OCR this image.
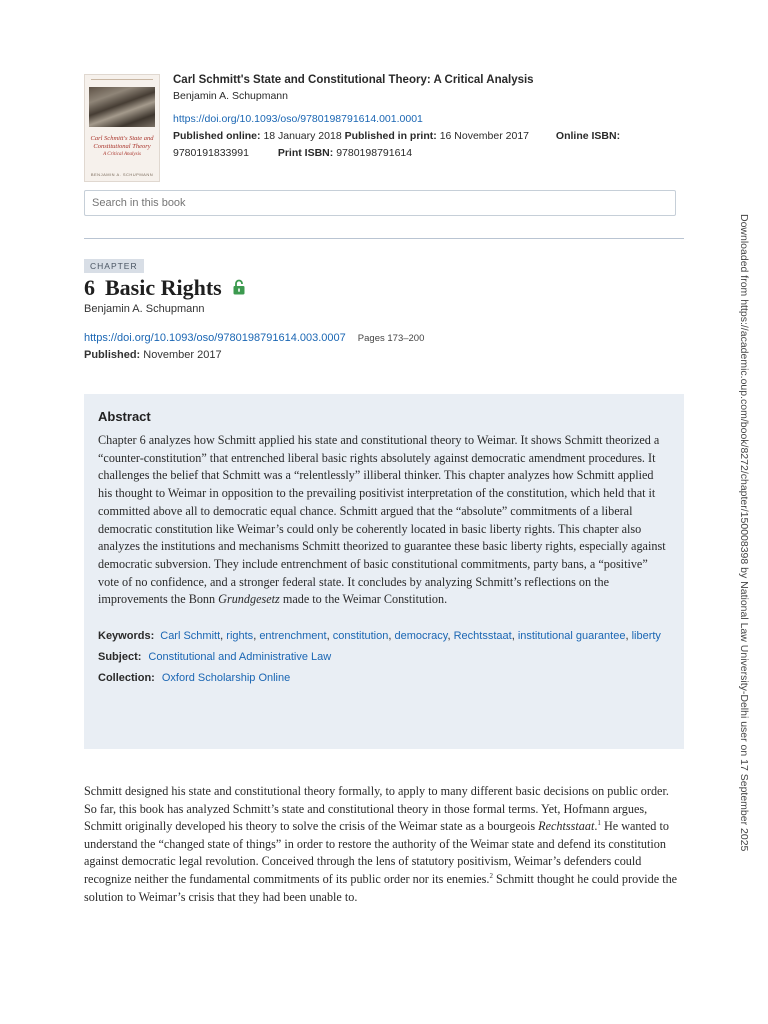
Carl Schmitt's State and Constitutional Theory
A Critical Analysis
BENJAMIN A. SCHUPMANN
Carl Schmitt's State and Constitutional Theory: A Critical Analysis
Benjamin A. Schupmann
https://doi.org/10.1093/oso/9780198791614.001.0001
Published online: 18 January 2018 Published in print: 16 November 2017	Online ISBN:
9780191833991	Print ISBN: 9780198791614
Search in this book
CHAPTER
6 Basic Rights
Benjamin A. Schupmann
https://doi.org/10.1093/oso/9780198791614.003.0007 Pages 173–200
Published: November 2017
Abstract
Chapter 6 analyzes how Schmitt applied his state and constitutional theory to Weimar. It shows Schmitt theorized a “counter-constitution” that entrenched liberal basic rights absolutely against democratic amendment procedures. It challenges the belief that Schmitt was a “relentlessly” illiberal thinker. This chapter analyzes how Schmitt applied his thought to Weimar in opposition to the prevailing positivist interpretation of the constitution, which held that it committed above all to democratic equal chance. Schmitt argued that the “absolute” commitments of a liberal democratic constitution like Weimar’s could only be coherently located in basic liberty rights. This chapter also analyzes the institutions and mechanisms Schmitt theorized to guarantee these basic liberty rights, especially against democratic subversion. They include entrenchment of basic constitutional commitments, party bans, a “positive” vote of no confidence, and a stronger federal state. It concludes by analyzing Schmitt’s reflections on the improvements the Bonn Grundgesetz made to the Weimar Constitution.
Keywords: Carl Schmitt, rights, entrenchment, constitution, democracy, Rechtsstaat, institutional guarantee, liberty
Subject: Constitutional and Administrative Law
Collection: Oxford Scholarship Online
Schmitt designed his state and constitutional theory formally, to apply to many different basic decisions on public order. So far, this book has analyzed Schmitt’s state and constitutional theory in those formal terms. Yet, Hofmann argues, Schmitt originally developed his theory to solve the crisis of the Weimar state as a bourgeois Rechtsstaat.$^1$ He wanted to understand the “changed state of things” in order to restore the authority of the Weimar state and defend its constitution against democratic legal revolution. Conceived through the lens of statutory positivism, Weimar’s defenders could recognize neither the fundamental commitments of its public order nor its enemies.$^2$ Schmitt thought he could provide the solution to Weimar’s crisis that they had been unable to.
Downloaded from https://academic.oup.com/book/8272/chapter/150008398 by National Law University-Delhi user on 17 September 2025
